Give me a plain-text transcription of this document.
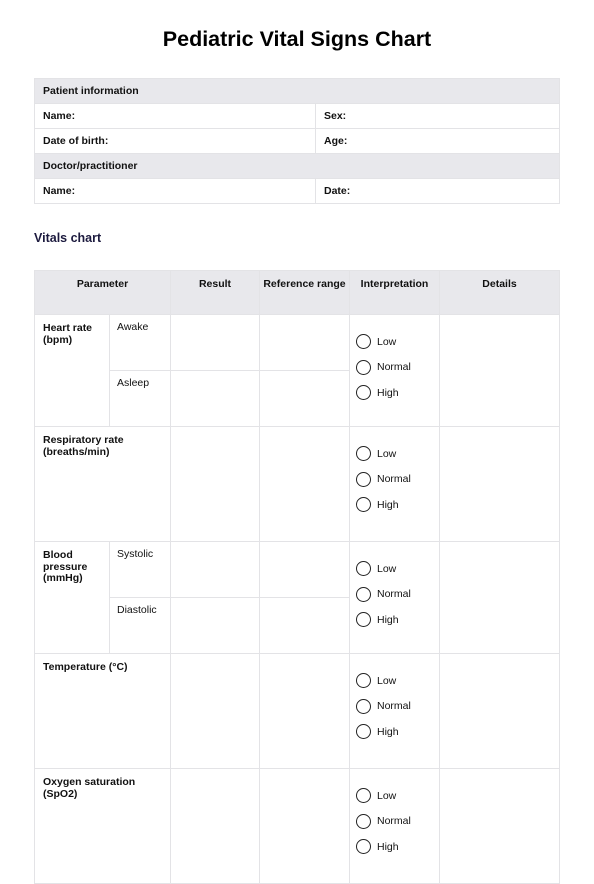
Pediatric Vital Signs Chart
Patient information	
Name:	Sex:
Date of birth:	Age:
Doctor/practitioner	
Name:	Date:
Vitals chart
Parameter		Result	Reference range	Interpretation	Details
Heart rate (bpm)	Awake			Low
Normal
High	

	Asleep				
Respiratory rate (breaths/min)				Low
Normal
High	

Blood pressure (mmHg)	Systolic			Low
Normal
High	

	Diastolic				
Temperature (°C)				Low
Normal
High	

Oxygen saturation (SpO2)				Low
Normal
High	
